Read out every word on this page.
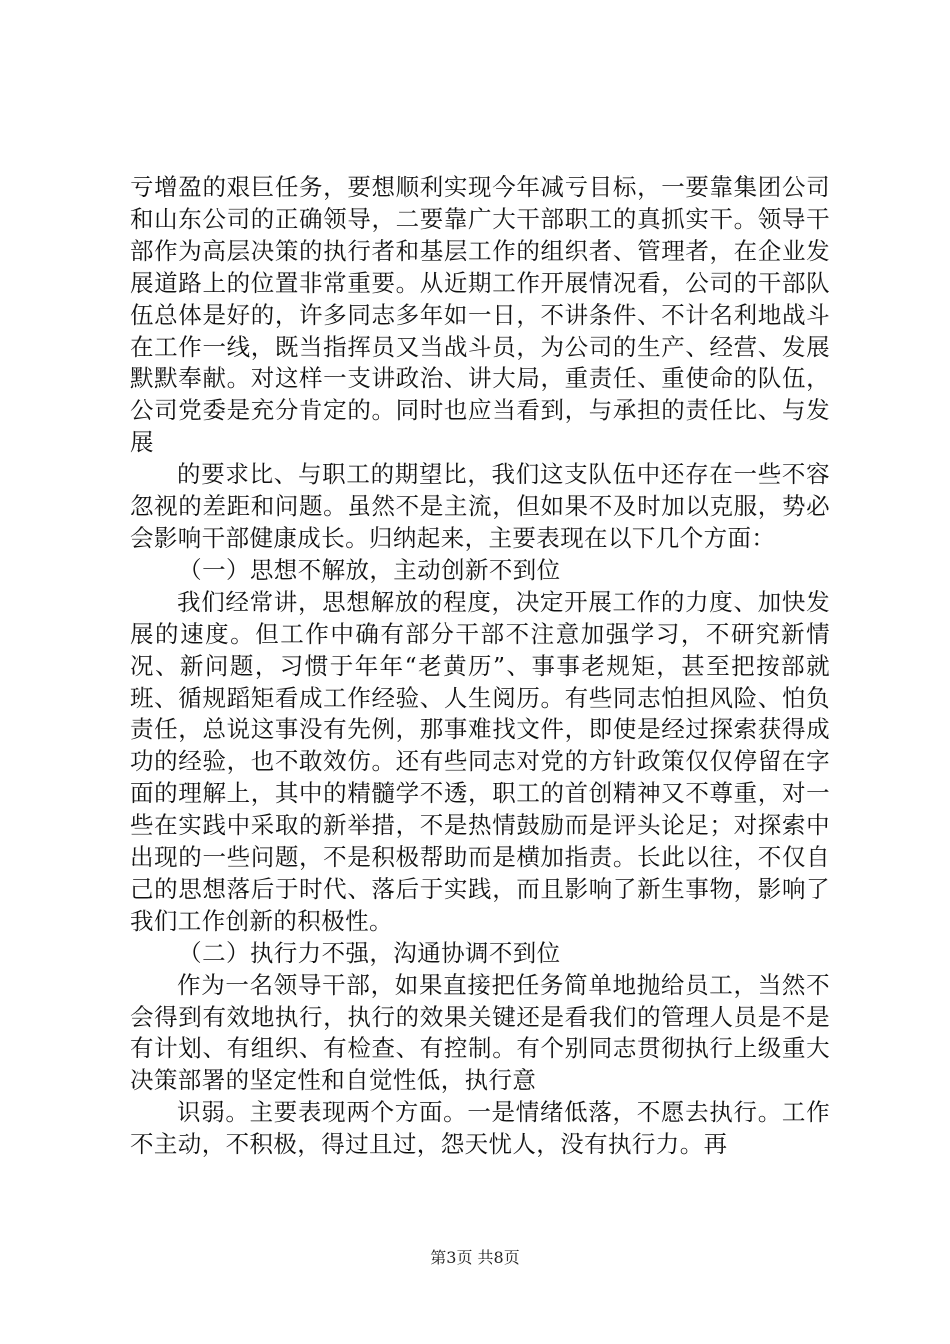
亏增盈的艰巨任务，要想顺利实现今年减亏目标，一要靠集团公司和山东公司的正确领导，二要靠广大干部职工的真抓实干。领导干部作为高层决策的执行者和基层工作的组织者、管理者，在企业发展道路上的位置非常重要。从近期工作开展情况看，公司的干部队伍总体是好的，许多同志多年如一日，不讲条件、不计名利地战斗在工作一线，既当指挥员又当战斗员，为公司的生产、经营、发展默默奉献。对这样一支讲政治、讲大局，重责任、重使命的队伍，公司党委是充分肯定的。同时也应当看到，与承担的责任比、与发展

的要求比、与职工的期望比，我们这支队伍中还存在一些不容忽视的差距和问题。虽然不是主流，但如果不及时加以克服，势必会影响干部健康成长。归纳起来，主要表现在以下几个方面：

（一）思想不解放，主动创新不到位

我们经常讲，思想解放的程度，决定开展工作的力度、加快发展的速度。但工作中确有部分干部不注意加强学习，不研究新情况、新问题，习惯于年年“老黄历”、事事老规矩，甚至把按部就班、循规蹈矩看成工作经验、人生阅历。有些同志怕担风险、怕负责任，总说这事没有先例，那事难找文件，即使是经过探索获得成功的经验，也不敢效仿。还有些同志对党的方针政策仅仅停留在字面的理解上，其中的精髓学不透，职工的首创精神又不尊重，对一些在实践中采取的新举措，不是热情鼓励而是评头论足；对探索中出现的一些问题，不是积极帮助而是横加指责。长此以往，不仅自己的思想落后于时代、落后于实践，而且影响了新生事物，影响了我们工作创新的积极性。

（二）执行力不强，沟通协调不到位

作为一名领导干部，如果直接把任务简单地抛给员工，当然不会得到有效地执行，执行的效果关键还是看我们的管理人员是不是有计划、有组织、有检查、有控制。有个别同志贯彻执行上级重大决策部署的坚定性和自觉性低，执行意

识弱。主要表现两个方面。一是情绪低落，不愿去执行。工作不主动，不积极，得过且过，怨天忧人，没有执行力。再

第3页 共8页
